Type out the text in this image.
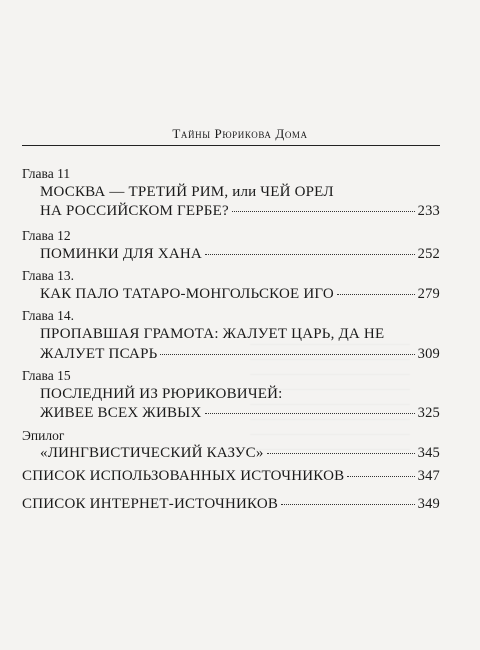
Тайны Рюрикова Дома
Глава 11
МОСКВА — ТРЕТИЙ РИМ, или ЧЕЙ ОРЕЛ
НА РОССИЙСКОМ ГЕРБЕ?	233
Глава 12
ПОМИНКИ ДЛЯ ХАНА	252
Глава 13.
КАК ПАЛО ТАТАРО-МОНГОЛЬСКОЕ ИГО	279
Глава 14.
ПРОПАВШАЯ ГРАМОТА: ЖАЛУЕТ ЦАРЬ, ДА НЕ
ЖАЛУЕТ ПСАРЬ	309
Глава 15
ПОСЛЕДНИЙ ИЗ РЮРИКОВИЧЕЙ:
ЖИВЕЕ ВСЕХ ЖИВЫХ	325
Эпилог
«ЛИНГВИСТИЧЕСКИЙ КАЗУС»	345
СПИСОК ИСПОЛЬЗОВАННЫХ ИСТОЧНИКОВ	347
СПИСОК ИНТЕРНЕТ-ИСТОЧНИКОВ	349
